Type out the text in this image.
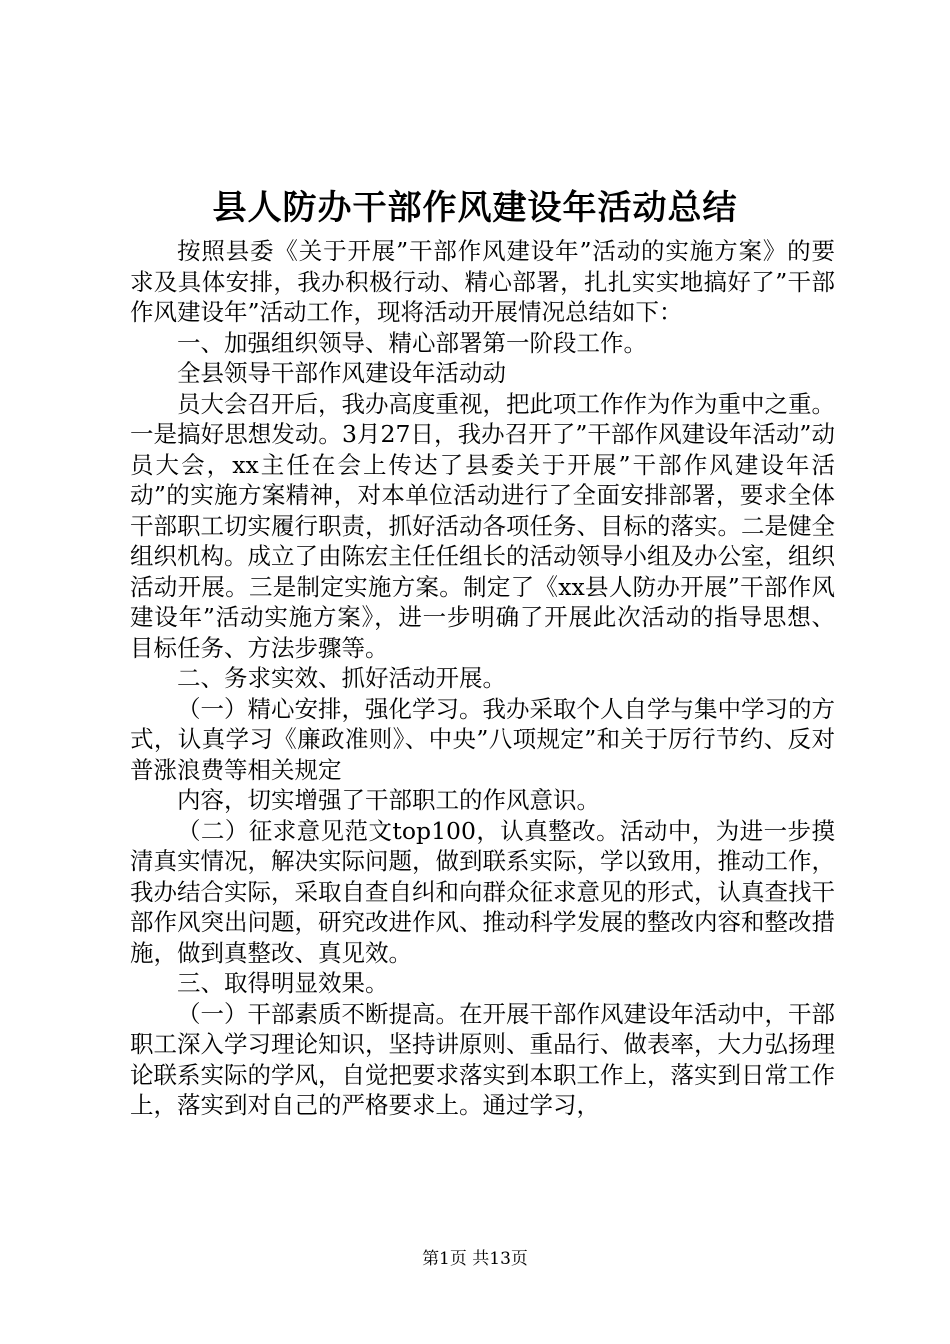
县人防办干部作风建设年活动总结

按照县委《关于开展”干部作风建设年”活动的实施方案》的要求及具体安排，我办积极行动、精心部署，扎扎实实地搞好了”干部作风建设年”活动工作，现将活动开展情况总结如下：

一、加强组织领导、精心部署第一阶段工作。

全县领导干部作风建设年活动动

员大会召开后，我办高度重视，把此项工作作为作为重中之重。一是搞好思想发动。3月27日，我办召开了”干部作风建设年活动”动员大会，xx主任在会上传达了县委关于开展”干部作风建设年活动”的实施方案精神，对本单位活动进行了全面安排部署，要求全体干部职工切实履行职责，抓好活动各项任务、目标的落实。二是健全组织机构。成立了由陈宏主任任组长的活动领导小组及办公室，组织活动开展。三是制定实施方案。制定了《xx县人防办开展”干部作风建设年”活动实施方案》，进一步明确了开展此次活动的指导思想、目标任务、方法步骤等。

二、务求实效、抓好活动开展。

（一）精心安排，强化学习。我办采取个人自学与集中学习的方式，认真学习《廉政准则》、中央”八项规定”和关于厉行节约、反对普涨浪费等相关规定

内容，切实增强了干部职工的作风意识。

（二）征求意见范文top100，认真整改。活动中，为进一步摸清真实情况，解决实际问题，做到联系实际，学以致用，推动工作，我办结合实际，采取自查自纠和向群众征求意见的形式，认真查找干部作风突出问题，研究改进作风、推动科学发展的整改内容和整改措施，做到真整改、真见效。

三、取得明显效果。

（一）干部素质不断提高。在开展干部作风建设年活动中，干部职工深入学习理论知识，坚持讲原则、重品行、做表率，大力弘扬理论联系实际的学风，自觉把要求落实到本职工作上，落实到日常工作上，落实到对自己的严格要求上。通过学习，

第1页 共13页
